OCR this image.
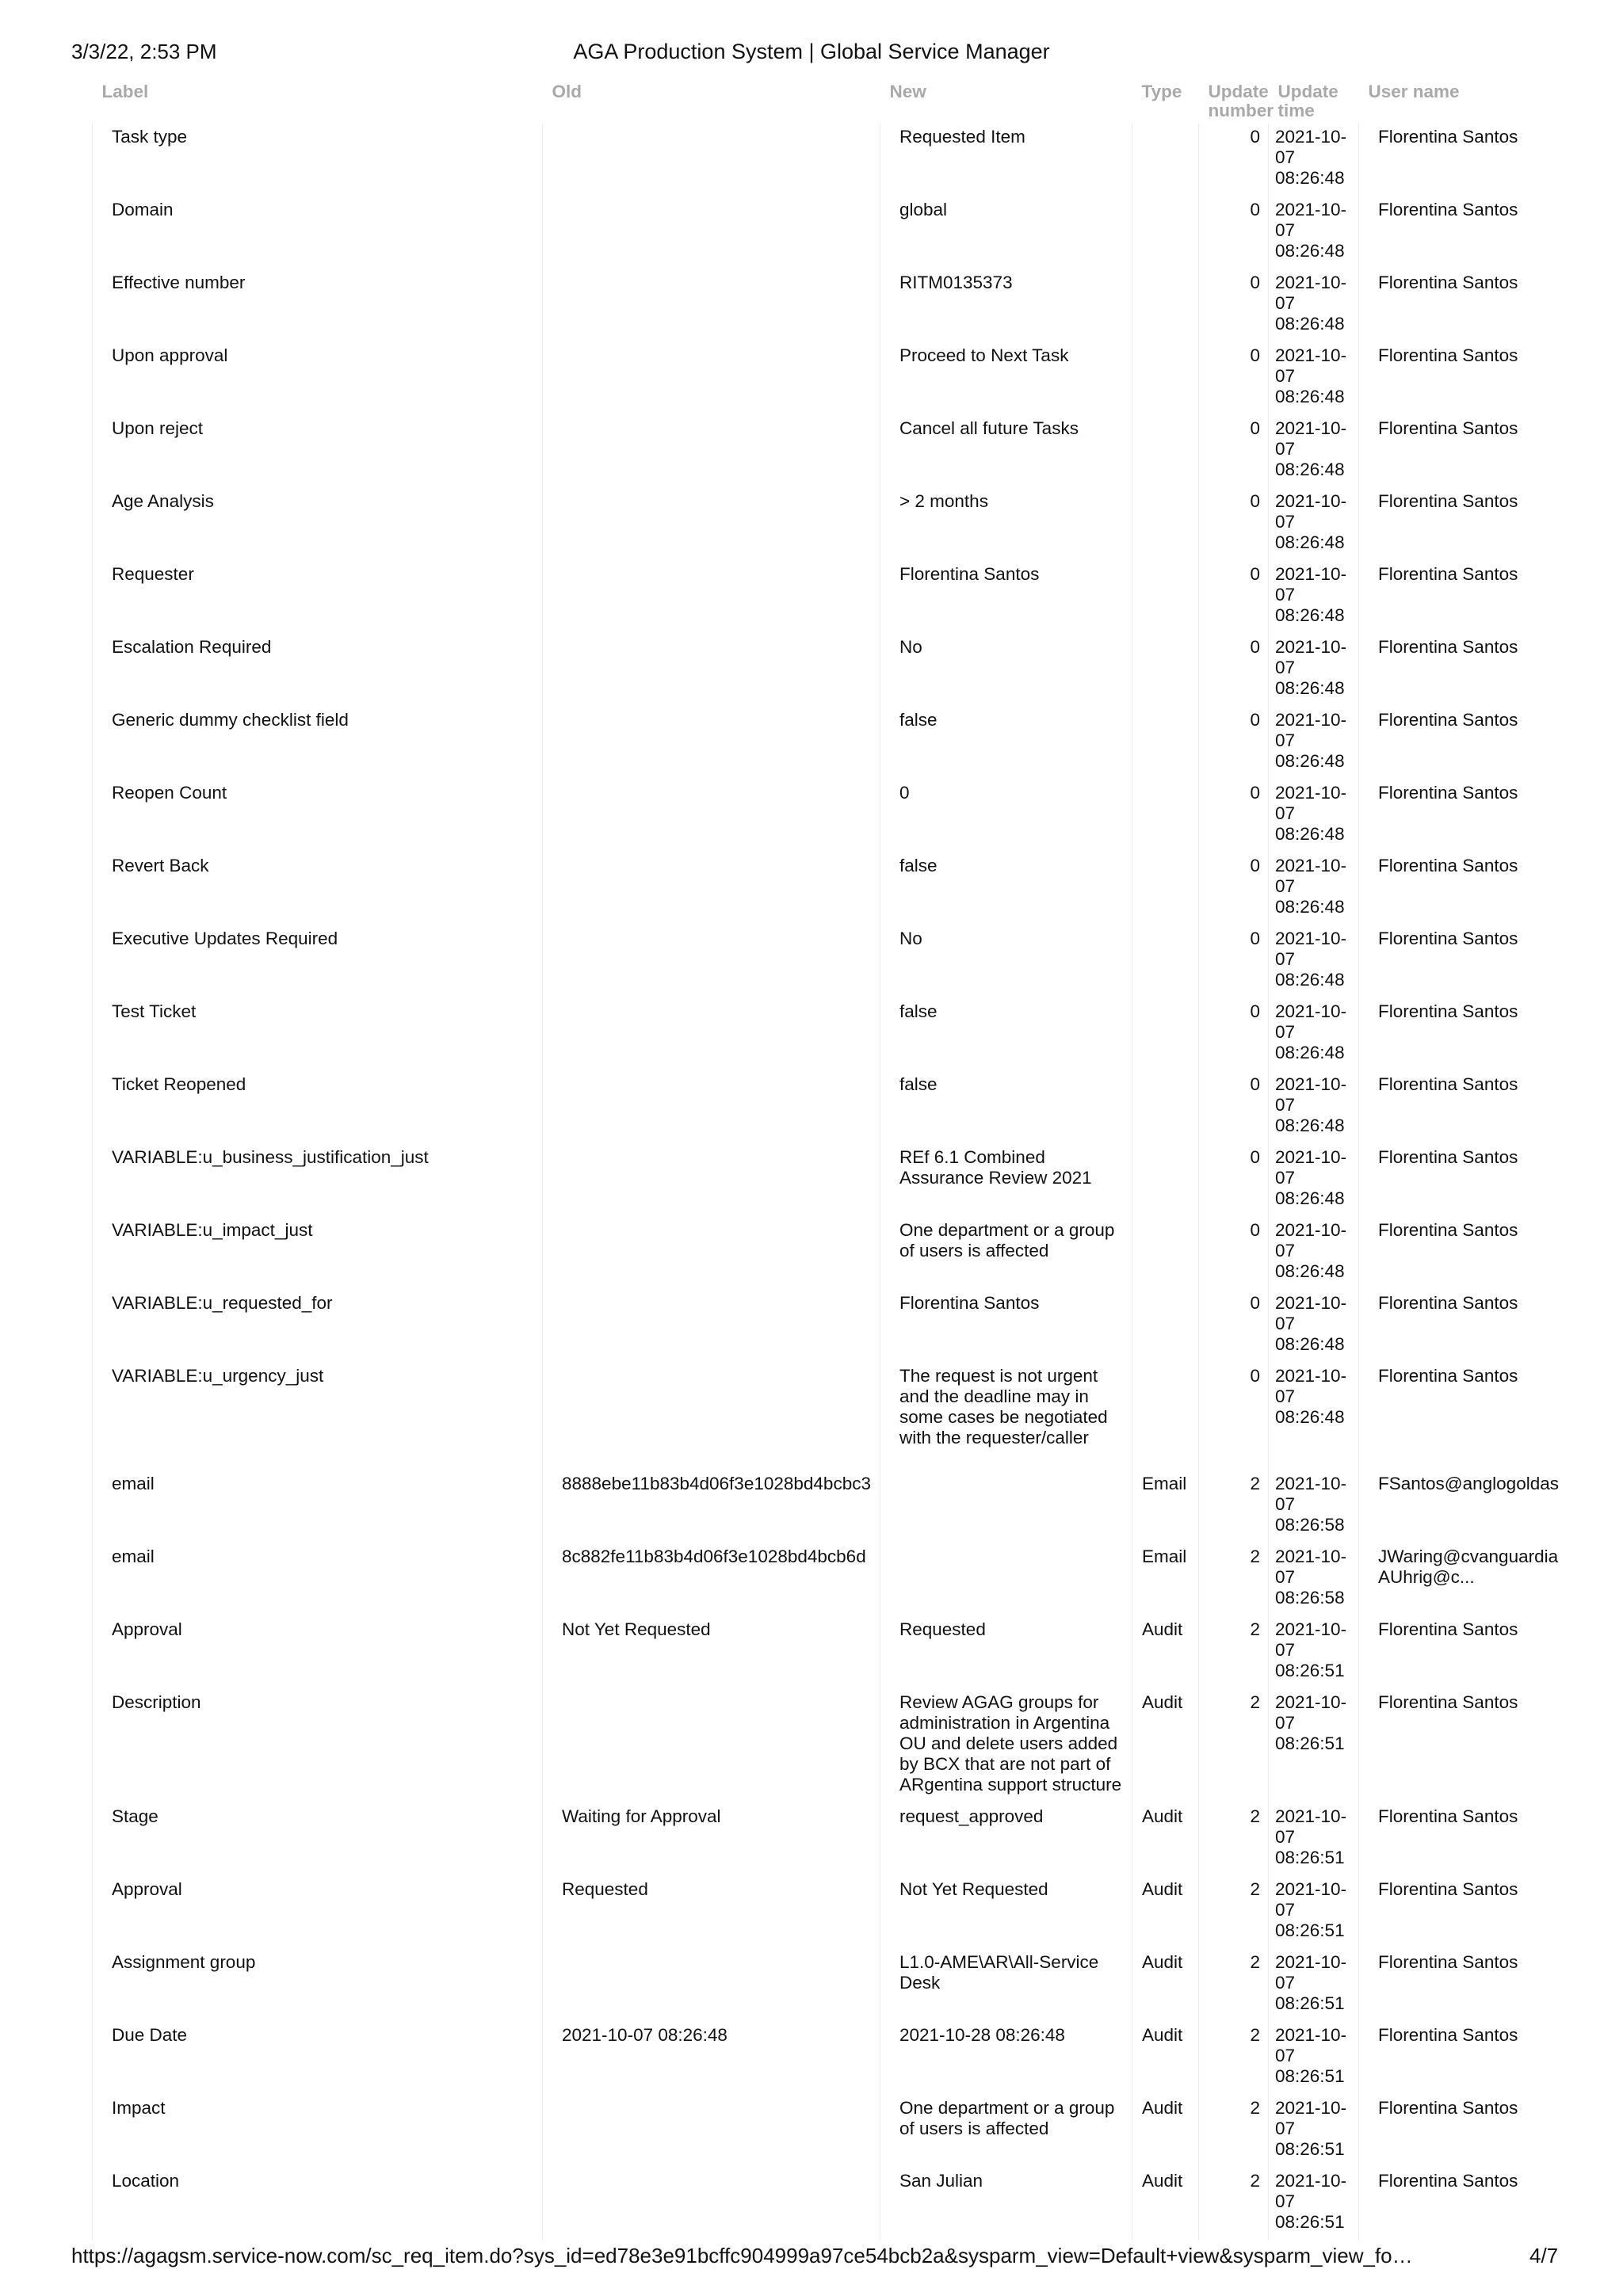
3/3/22, 2:53 PM	AGA Production System | Global Service Manager
Label	Old	New	Type	Update number	Update time	User name
Task type		Requested Item		0	2021-10-07 08:26:48	Florentina Santos
Domain		global		0	2021-10-07 08:26:48	Florentina Santos
Effective number		RITM0135373		0	2021-10-07 08:26:48	Florentina Santos
Upon approval		Proceed to Next Task		0	2021-10-07 08:26:48	Florentina Santos
Upon reject		Cancel all future Tasks		0	2021-10-07 08:26:48	Florentina Santos
Age Analysis		> 2 months		0	2021-10-07 08:26:48	Florentina Santos
Requester		Florentina Santos		0	2021-10-07 08:26:48	Florentina Santos
Escalation Required		No		0	2021-10-07 08:26:48	Florentina Santos
Generic dummy checklist field		false		0	2021-10-07 08:26:48	Florentina Santos
Reopen Count		0		0	2021-10-07 08:26:48	Florentina Santos
Revert Back		false		0	2021-10-07 08:26:48	Florentina Santos
Executive Updates Required		No		0	2021-10-07 08:26:48	Florentina Santos
Test Ticket		false		0	2021-10-07 08:26:48	Florentina Santos
Ticket Reopened		false		0	2021-10-07 08:26:48	Florentina Santos
VARIABLE:u_business_justification_just		REf 6.1 Combined Assurance Review 2021		0	2021-10-07 08:26:48	Florentina Santos
VARIABLE:u_impact_just		One department or a group of users is affected		0	2021-10-07 08:26:48	Florentina Santos
VARIABLE:u_requested_for		Florentina Santos		0	2021-10-07 08:26:48	Florentina Santos
VARIABLE:u_urgency_just		The request is not urgent and the deadline may in some cases be negotiated with the requester/caller		0	2021-10-07 08:26:48	Florentina Santos
email	8888ebe11b83b4d06f3e1028bd4bcbc3		Email	2	2021-10-07 08:26:58	FSantos@anglogoldas
email	8c882fe11b83b4d06f3e1028bd4bcb6d		Email	2	2021-10-07 08:26:58	JWaring@cvanguardia
AUhrig@c...
Approval	Not Yet Requested	Requested	Audit	2	2021-10-07 08:26:51	Florentina Santos
Description		Review AGAG groups for administration in Argentina OU and delete users added by BCX that are not part of ARgentina support structure	Audit	2	2021-10-07 08:26:51	Florentina Santos
Stage	Waiting for Approval	request_approved	Audit	2	2021-10-07 08:26:51	Florentina Santos
Approval	Requested	Not Yet Requested	Audit	2	2021-10-07 08:26:51	Florentina Santos
Assignment group		L1.0-AME\AR\All-Service Desk	Audit	2	2021-10-07 08:26:51	Florentina Santos
Due Date	2021-10-07 08:26:48	2021-10-28 08:26:48	Audit	2	2021-10-07 08:26:51	Florentina Santos
Impact		One department or a group of users is affected	Audit	2	2021-10-07 08:26:51	Florentina Santos
Location		San Julian	Audit	2	2021-10-07 08:26:51	Florentina Santos
https://agagsm.service-now.com/sc_req_item.do?sys_id=ed78e3e91bcffc904999a97ce54bcb2a&sysparm_view=Default+view&sysparm_view_fo…	4/7
